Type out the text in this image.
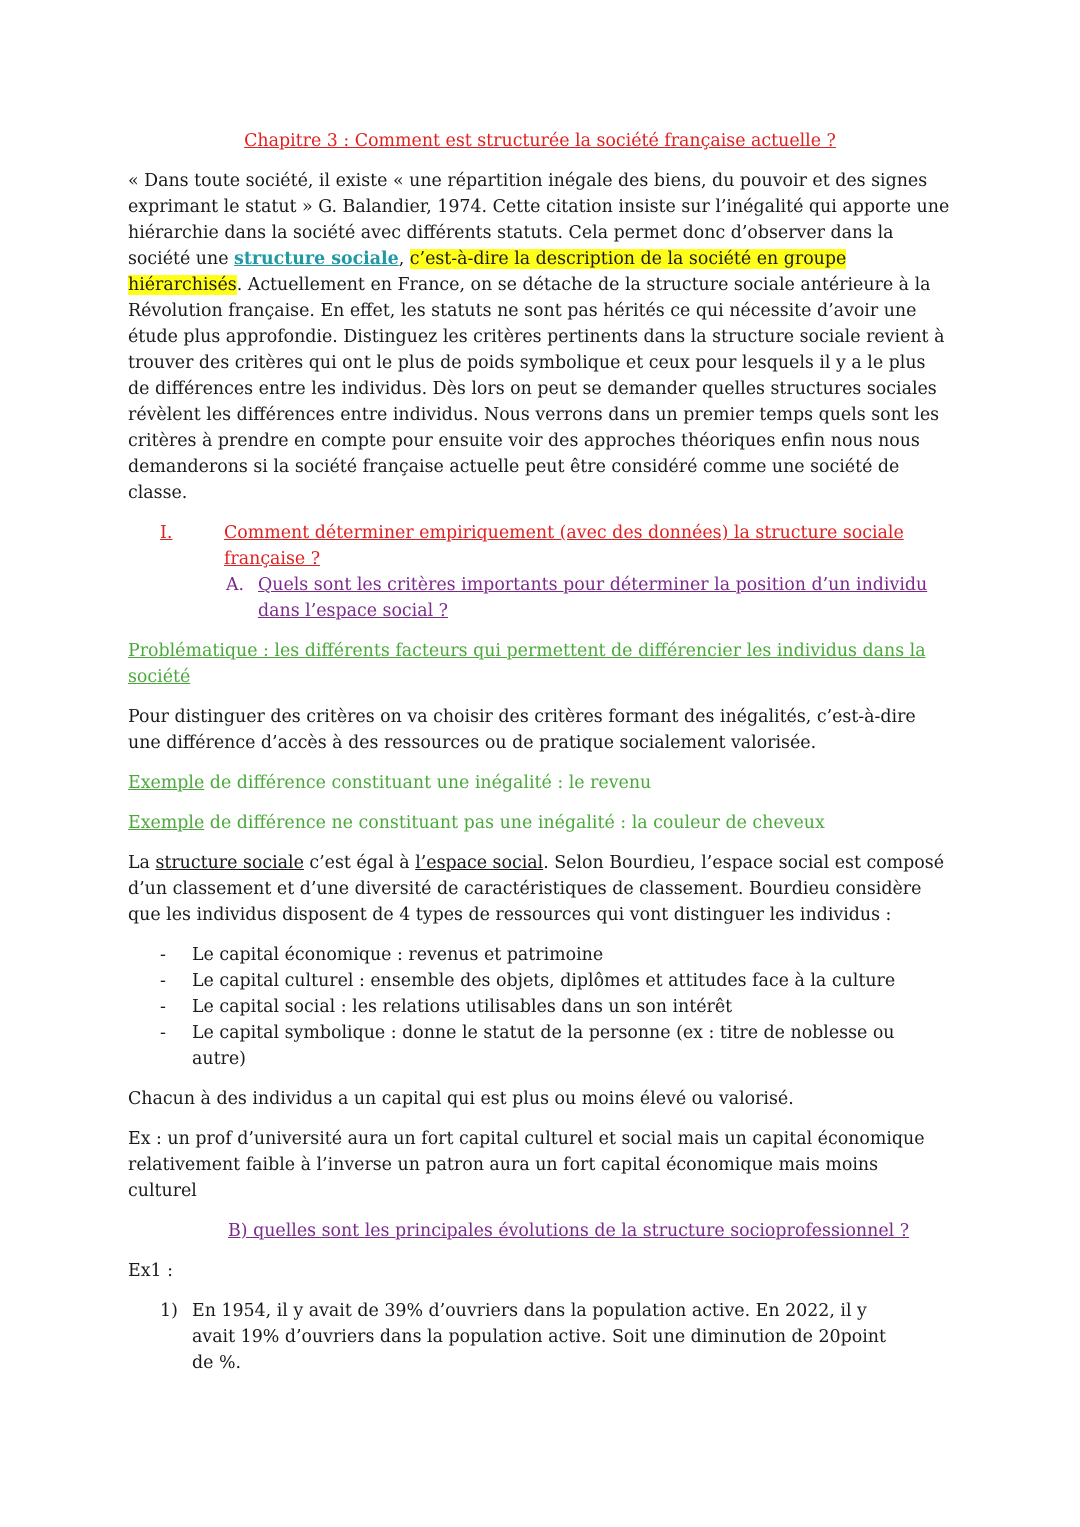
Chapitre 3 : Comment est structurée la société française actuelle ?

« Dans toute société, il existe « une répartition inégale des biens, du pouvoir et des signes exprimant le statut » G. Balandier, 1974. Cette citation insiste sur l’inégalité qui apporte une hiérarchie dans la société avec différents statuts. Cela permet donc d’observer dans la société une structure sociale, c’est-à-dire la description de la société en groupe hiérarchisés. Actuellement en France, on se détache de la structure sociale antérieure à la Révolution française. En effet, les statuts ne sont pas hérités ce qui nécessite d’avoir une étude plus approfondie. Distinguez les critères pertinents dans la structure sociale revient à trouver des critères qui ont le plus de poids symbolique et ceux pour lesquels il y a le plus de différences entre les individus. Dès lors on peut se demander quelles structures sociales révèlent les différences entre individus. Nous verrons dans un premier temps quels sont les critères à prendre en compte pour ensuite voir des approches théoriques enfin nous nous demanderons si la société française actuelle peut être considéré comme une société de classe.

I.	Comment déterminer empiriquement (avec des données) la structure sociale française ?
A. Quels sont les critères importants pour déterminer la position d’un individu dans l’espace social ?

Problématique : les différents facteurs qui permettent de différencier les individus dans la société

Pour distinguer des critères on va choisir des critères formant des inégalités, c’est-à-dire une différence d’accès à des ressources ou de pratique socialement valorisée.

Exemple de différence constituant une inégalité : le revenu

Exemple de différence ne constituant pas une inégalité : la couleur de cheveux

La structure sociale c’est égal à l’espace social. Selon Bourdieu, l’espace social est composé d’un classement et d’une diversité de caractéristiques de classement. Bourdieu considère que les individus disposent de 4 types de ressources qui vont distinguer les individus :

-	Le capital économique : revenus et patrimoine
-	Le capital culturel : ensemble des objets, diplômes et attitudes face à la culture
-	Le capital social : les relations utilisables dans un son intérêt
-	Le capital symbolique : donne le statut de la personne (ex : titre de noblesse ou autre)

Chacun à des individus a un capital qui est plus ou moins élevé ou valorisé.

Ex : un prof d’université aura un fort capital culturel et social mais un capital économique relativement faible à l’inverse un patron aura un fort capital économique mais moins culturel

B) quelles sont les principales évolutions de la structure socioprofessionnel ?

Ex1 :

1) En 1954, il y avait de 39% d’ouvriers dans la population active. En 2022, il y avait 19% d’ouvriers dans la population active. Soit une diminution de 20point de %.
